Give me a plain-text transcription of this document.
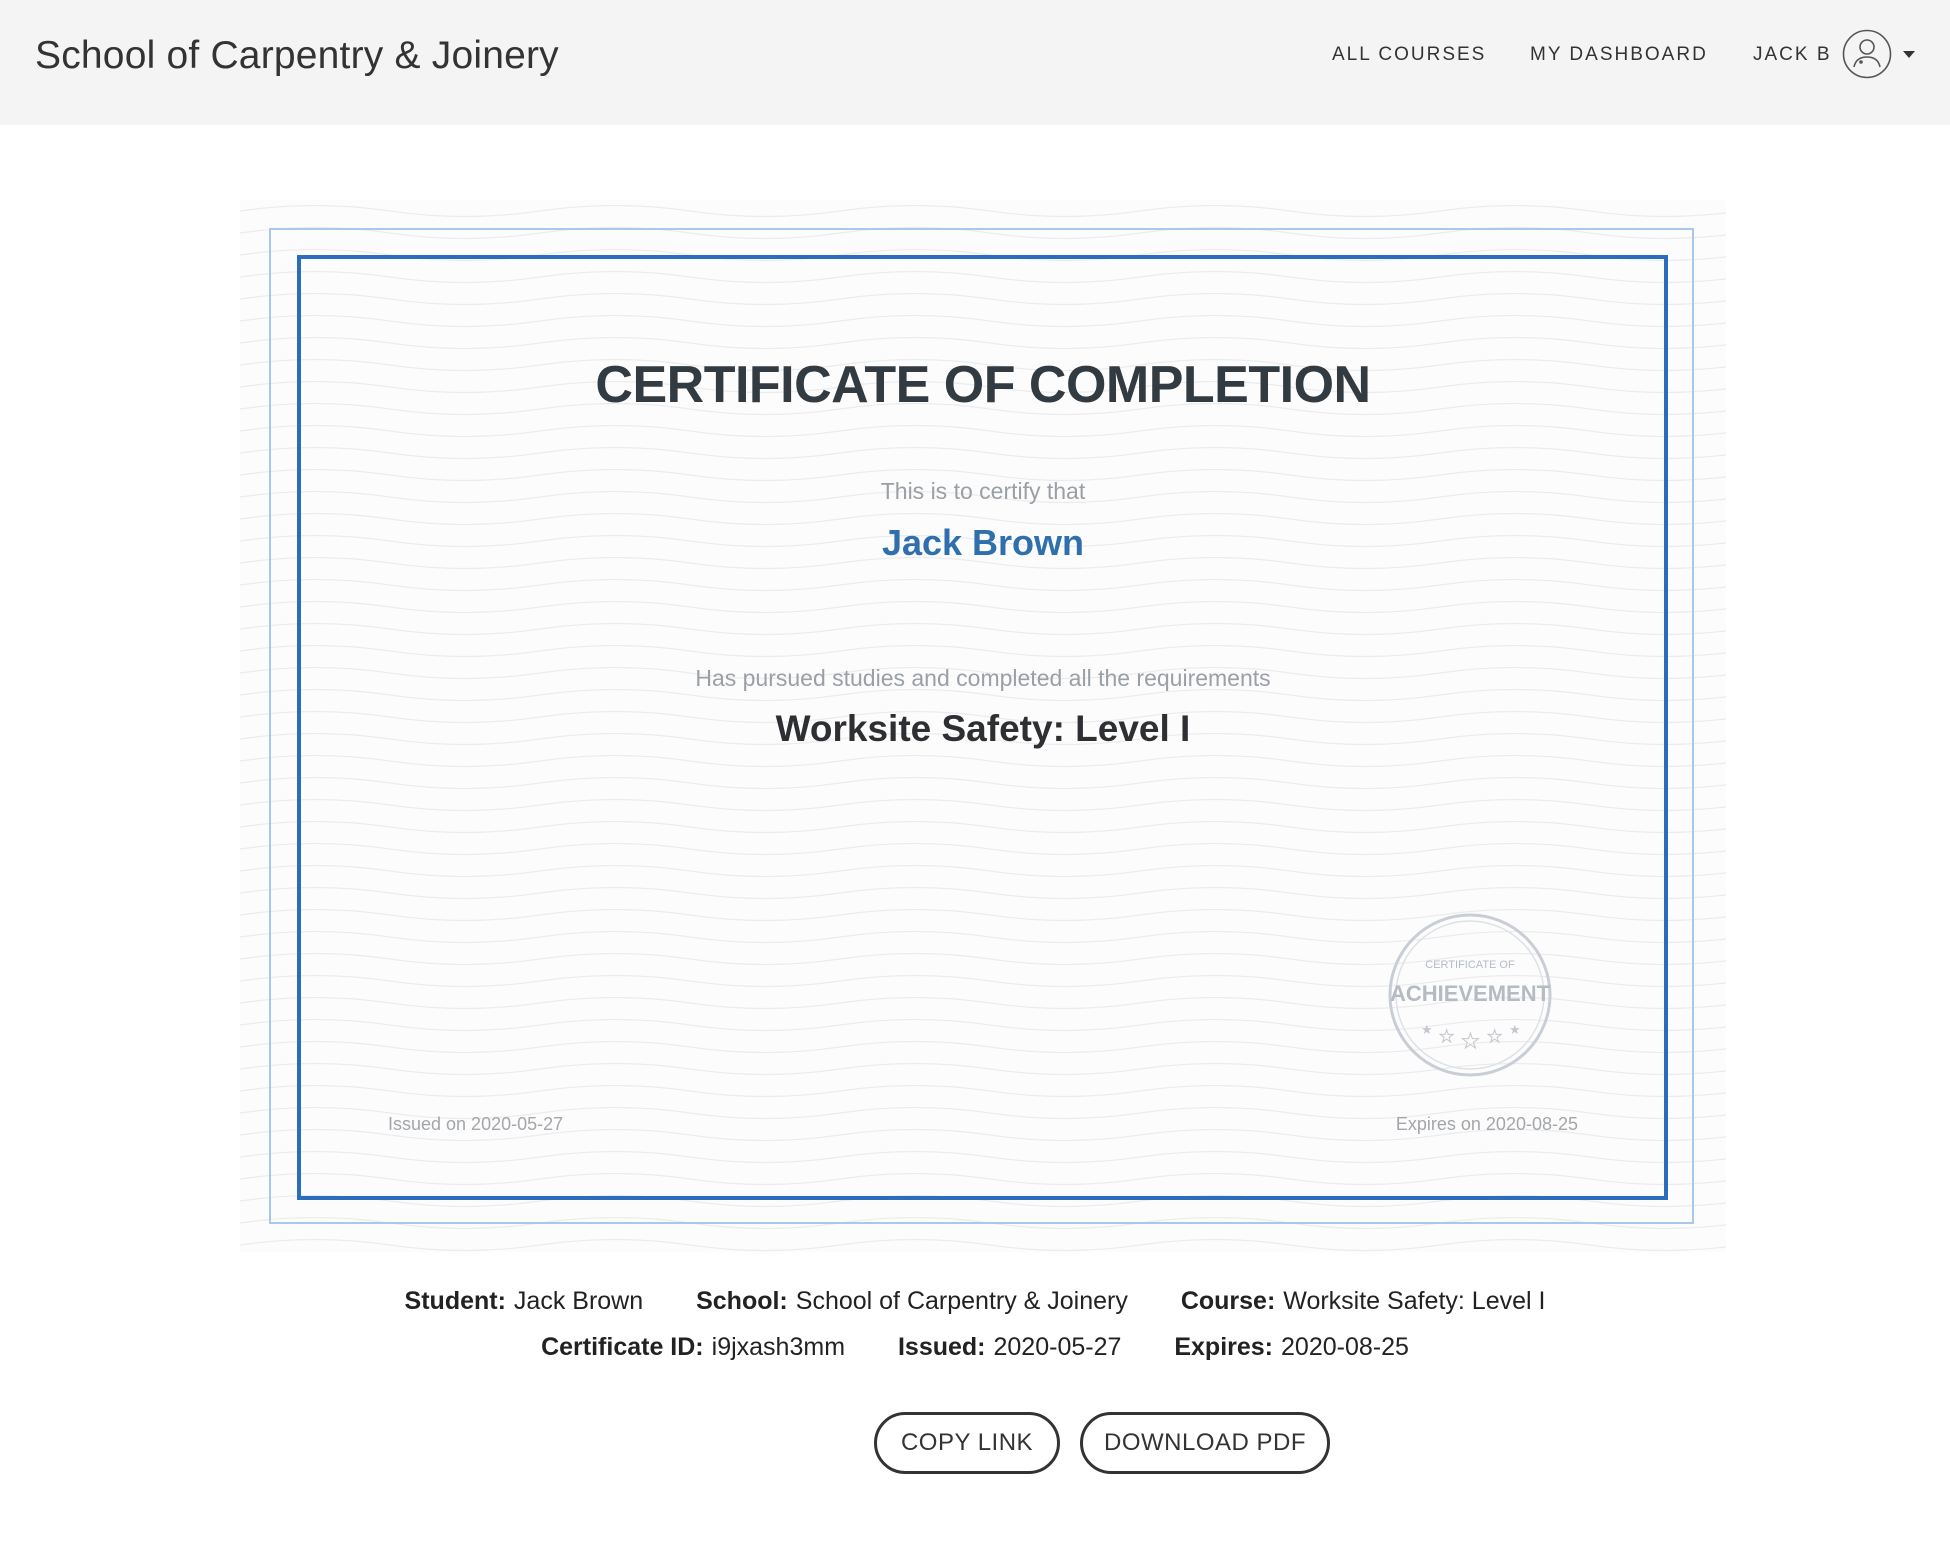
School of Carpentry & Joinery	ALL COURSES MY DASHBOARD JACK B
CERTIFICATE OF COMPLETION
This is to certify that
Jack Brown
Has pursued studies and completed all the requirements
Worksite Safety: Level I
CERTIFICATE OF
ACHIEVEMENT
★ ★ ★ ★ ★
Issued on 2020-05-27	Expires on 2020-08-25
Student: Jack Brown School: School of Carpentry & Joinery Course: Worksite Safety: Level I
Certificate ID: i9jxash3mm Issued: 2020-05-27 Expires: 2020-08-25
COPY LINK	DOWNLOAD PDF
